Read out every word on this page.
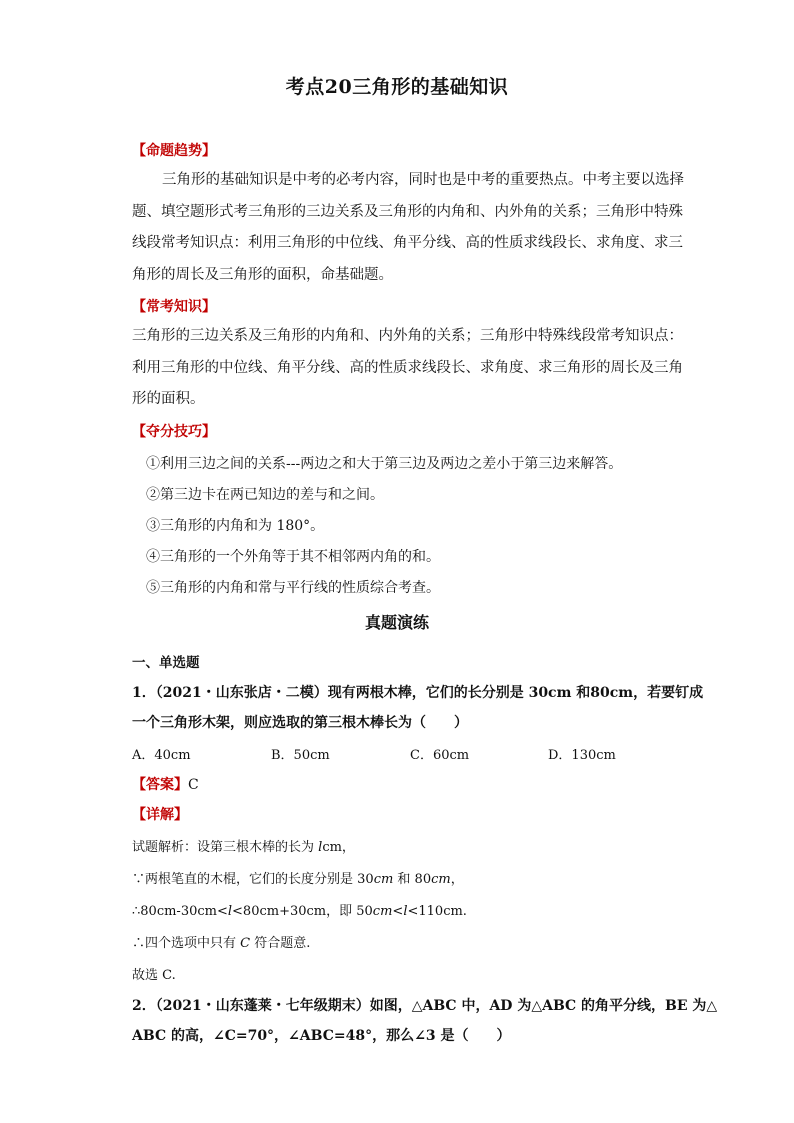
考点20三角形的基础知识
【命题趋势】
三角形的基础知识是中考的必考内容，同时也是中考的重要热点。中考主要以选择
题、填空题形式考三角形的三边关系及三角形的内角和、内外角的关系；三角形中特殊
线段常考知识点：利用三角形的中位线、角平分线、高的性质求线段长、求角度、求三
角形的周长及三角形的面积，命基础题。
【常考知识】
三角形的三边关系及三角形的内角和、内外角的关系；三角形中特殊线段常考知识点：
利用三角形的中位线、角平分线、高的性质求线段长、求角度、求三角形的周长及三角
形的面积。
【夺分技巧】
①利用三边之间的关系---两边之和大于第三边及两边之差小于第三边来解答。
②第三边卡在两已知边的差与和之间。
③三角形的内角和为 180°。
④三角形的一个外角等于其不相邻两内角的和。
⑤三角形的内角和常与平行线的性质综合考查。
真题演练
一、单选题
1．（2021・山东张店・二模）现有两根木棒，它们的长分别是 30cm 和80cm，若要钉成
一个三角形木架，则应选取的第三根木棒长为（　　）
A．40cm	B．50cm	C．60cm	D．130cm
【答案】C
【详解】
试题解析：设第三根木棒的长为 lcm，
∵两根笔直的木棍，它们的长度分别是 30cm 和 80cm，
∴80cm-30cm<l<80cm+30cm，即 50cm<l<110cm.
∴四个选项中只有 C 符合题意.
故选 C.
2．（2021・山东蓬莱・七年级期末）如图，△ABC 中，AD 为△ABC 的角平分线，BE 为△
ABC 的高，∠C=70°，∠ABC=48°，那么∠3 是（　　）
